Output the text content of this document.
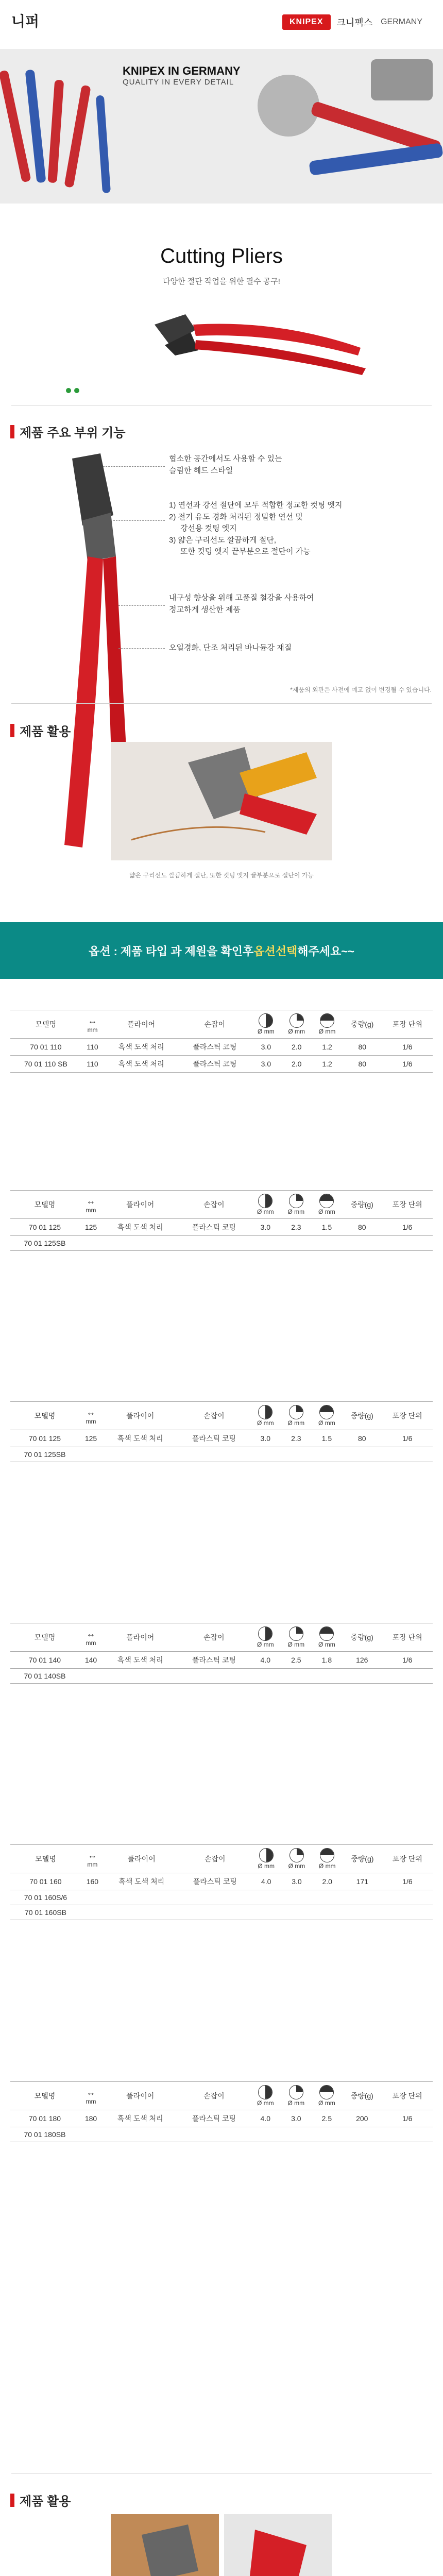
니퍼	KNIPEX	크니펙스 GERMANY
KNIPEX IN GERMANY
QUALITY IN EVERY DETAIL
Cutting Pliers
다양한 절단 작업을 위한 필수 공구!

제품 주요 부위 기능
협소한 공간에서도 사용할 수 있는
슬림한 헤드 스타일
1) 연선과 강선 절단에 모두 적합한 정교한 컷팅 엣지
2) 전기 유도 경화 처리된 정밀한 연선 및
강선용 컷팅 엣지
3) 얇은 구리선도 깔끔하게 절단,
또한 컷팅 엣지 끝부분으로 절단이 가능
내구성 향상을 위해 고품질 철강을 사용하여
정교하게 생산한 제품
오일경화, 단조 처리된 바나듐강 재질
*제품의 외관은 사전에 예고 없이 변경될 수 있습니다.
제품 활용
얇은 구리선도 깔끔하게 절단, 또한 컷팅 엣지 끝부분으로 절단이 가능
옵션 : 제품 타입 과 제원을 확인후 옵션선택 해주세요~~
모델명	↔
mm	플라이어	손잡이	Ø mm	Ø mm	Ø mm	중량(g)	포장 단위
70 01 110	110	흑색 도색 처리	플라스틱 코팅	3.0	2.0	1.2	80	1/6
70 01 110 SB	110	흑색 도색 처리	플라스틱 코팅	3.0	2.0	1.2	80	1/6
모델명	↔
mm	플라이어	손잡이	Ø mm	Ø mm	Ø mm	중량(g)	포장 단위
70 01 125	125	흑색 도색 처리	플라스틱 코팅	3.0	2.3	1.5	80	1/6
70 01 125SB								
모델명	↔
mm	플라이어	손잡이	Ø mm	Ø mm	Ø mm	중량(g)	포장 단위
70 01 125	125	흑색 도색 처리	플라스틱 코팅	3.0	2.3	1.5	80	1/6
70 01 125SB								
모델명	↔
mm	플라이어	손잡이	Ø mm	Ø mm	Ø mm	중량(g)	포장 단위
70 01 140	140	흑색 도색 처리	플라스틱 코팅	4.0	2.5	1.8	126	1/6
70 01 140SB								
모델명	↔
mm	플라이어	손잡이	Ø mm	Ø mm	Ø mm	중량(g)	포장 단위
70 01 160	160	흑색 도색 처리	플라스틱 코팅	4.0	3.0	2.0	171	1/6
70 01 160S/6								
70 01 160SB								
모델명	↔
mm	플라이어	손잡이	Ø mm	Ø mm	Ø mm	중량(g)	포장 단위
70 01 180	180	흑색 도색 처리	플라스틱 코팅	4.0	3.0	2.5	200	1/6
70 01 180SB								
제품 활용
